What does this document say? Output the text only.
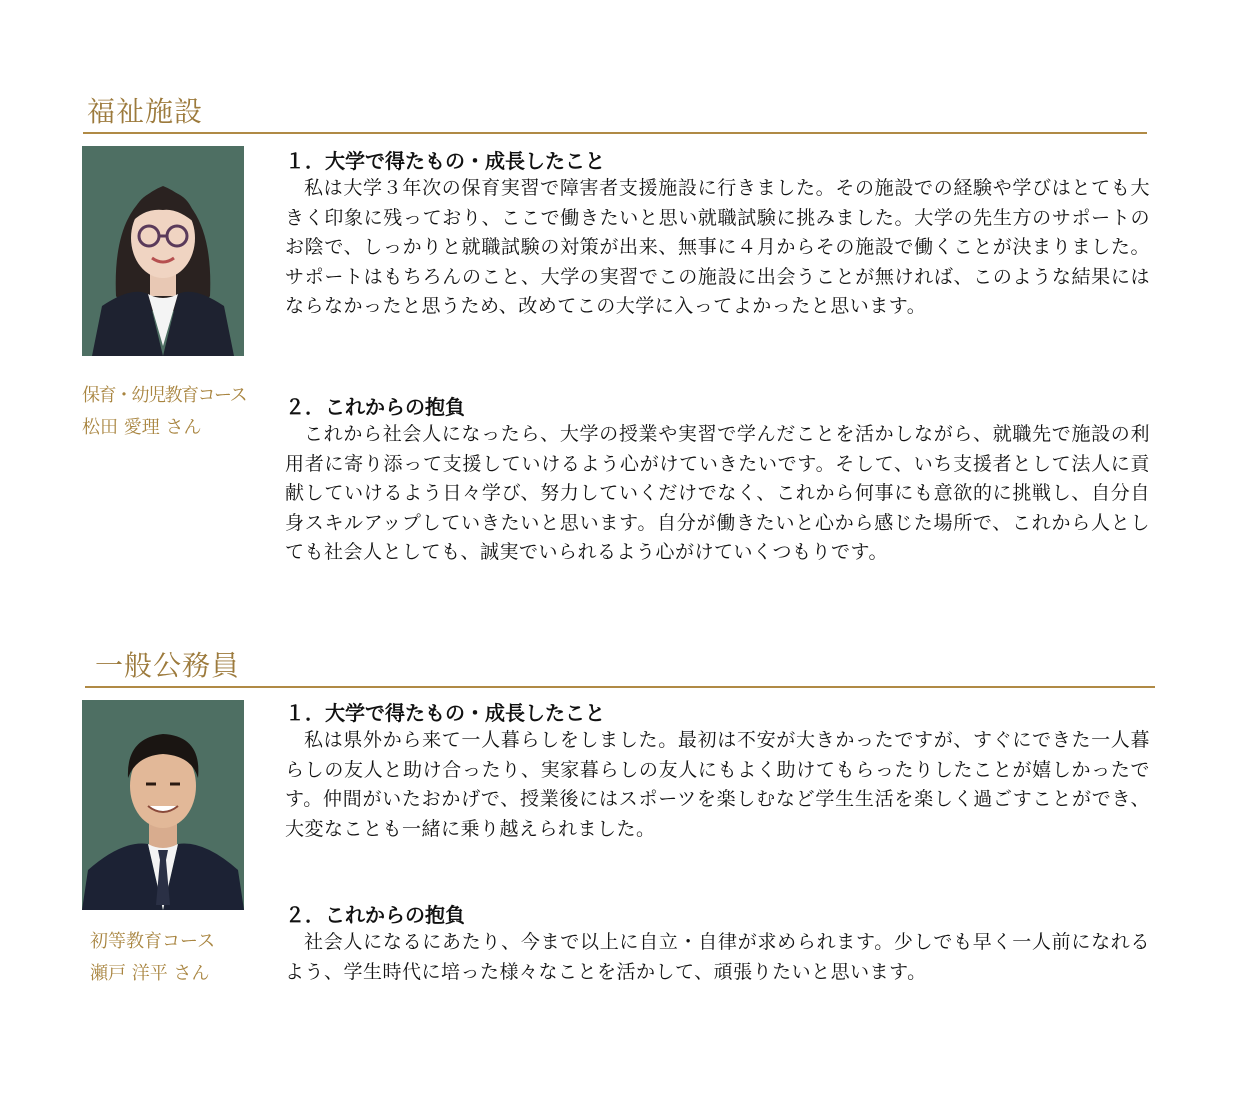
福祉施設
保育・幼児教育コース
松田 愛理 さん

１．大学で得たもの・成長したこと

私は大学３年次の保育実習で障害者支援施設に行きました。その施設での経験や学びはとても大きく印象に残っており、ここで働きたいと思い就職試験に挑みました。大学の先生方のサポートのお陰で、しっかりと就職試験の対策が出来、無事に４月からその施設で働くことが決まりました。サポートはもちろんのこと、大学の実習でこの施設に出会うことが無ければ、このような結果にはならなかったと思うため、改めてこの大学に入ってよかったと思います。

２．これからの抱負

これから社会人になったら、大学の授業や実習で学んだことを活かしながら、就職先で施設の利用者に寄り添って支援していけるよう心がけていきたいです。そして、いち支援者として法人に貢献していけるよう日々学び、努力していくだけでなく、これから何事にも意欲的に挑戦し、自分自身スキルアップしていきたいと思います。自分が働きたいと心から感じた場所で、これから人としても社会人としても、誠実でいられるよう心がけていくつもりです。

一般公務員
初等教育コース
瀬戸 洋平 さん

１．大学で得たもの・成長したこと

私は県外から来て一人暮らしをしました。最初は不安が大きかったですが、すぐにできた一人暮らしの友人と助け合ったり、実家暮らしの友人にもよく助けてもらったりしたことが嬉しかったです。仲間がいたおかげで、授業後にはスポーツを楽しむなど学生生活を楽しく過ごすことができ、大変なことも一緒に乗り越えられました。

２．これからの抱負

社会人になるにあたり、今まで以上に自立・自律が求められます。少しでも早く一人前になれるよう、学生時代に培った様々なことを活かして、頑張りたいと思います。
